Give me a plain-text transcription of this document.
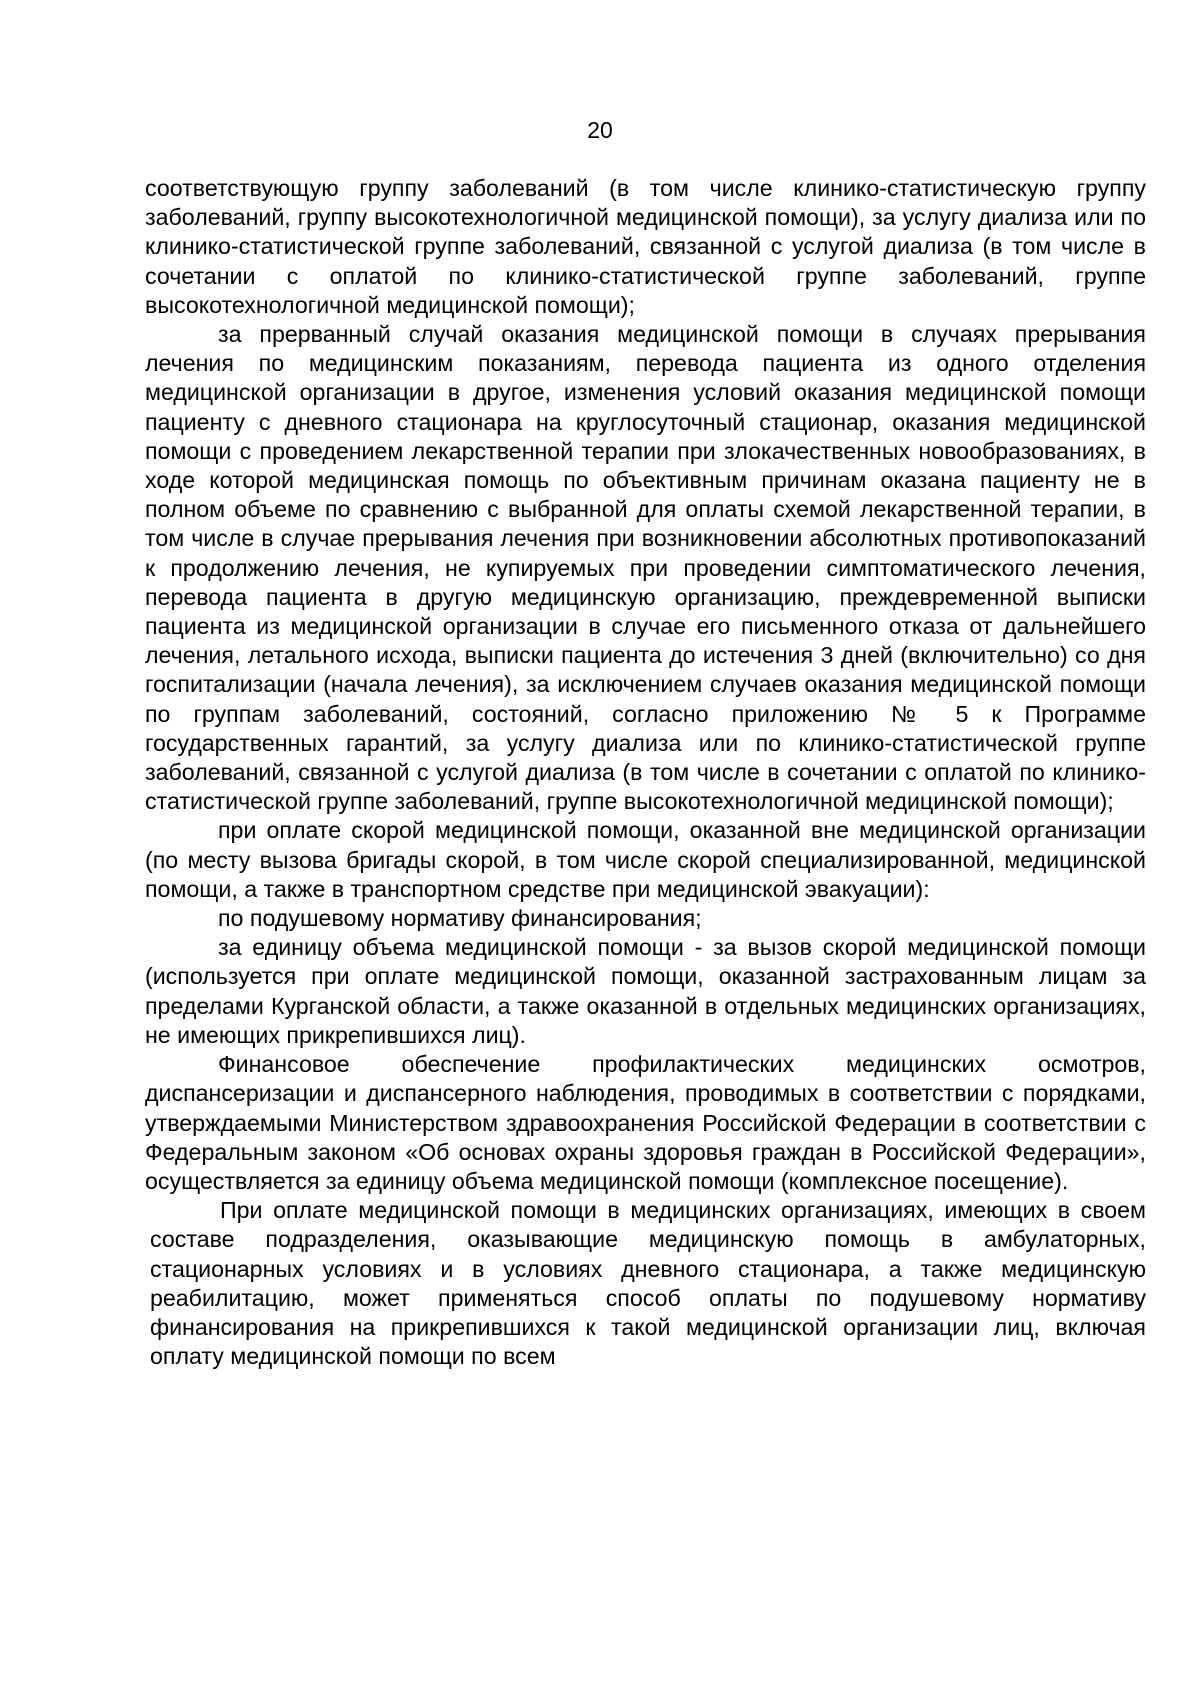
20

соответствующую группу заболеваний (в том числе клинико-статистическую группу заболеваний, группу высокотехнологичной медицинской помощи), за услугу диализа или по клинико-статистической группе заболеваний, связанной с услугой диализа (в том числе в сочетании с оплатой по клинико-статистической группе заболеваний, группе высокотехнологичной медицинской помощи);

за прерванный случай оказания медицинской помощи в случаях прерывания лечения по медицинским показаниям, перевода пациента из одного отделения медицинской организации в другое, изменения условий оказания медицинской помощи пациенту с дневного стационара на круглосуточный стационар, оказания медицинской помощи с проведением лекарственной терапии при злокачественных новообразованиях, в ходе которой медицинская помощь по объективным причинам оказана пациенту не в полном объеме по сравнению с выбранной для оплаты схемой лекарственной терапии, в том числе в случае прерывания лечения при возникновении абсолютных противопоказаний к продолжению лечения, не купируемых при проведении симптоматического лечения, перевода пациента в другую медицинскую организацию, преждевременной выписки пациента из медицинской организации в случае его письменного отказа от дальнейшего лечения, летального исхода, выписки пациента до истечения 3 дней (включительно) со дня госпитализации (начала лечения), за исключением случаев оказания медицинской помощи по группам заболеваний, состояний, согласно приложению № 5 к Программе государственных гарантий, за услугу диализа или по клинико-статистической группе заболеваний, связанной с услугой диализа (в том числе в сочетании с оплатой по клинико-статистической группе заболеваний, группе высокотехнологичной медицинской помощи);

при оплате скорой медицинской помощи, оказанной вне медицинской организации (по месту вызова бригады скорой, в том числе скорой специализированной, медицинской помощи, а также в транспортном средстве при медицинской эвакуации):

по подушевому нормативу финансирования;

за единицу объема медицинской помощи - за вызов скорой медицинской помощи (используется при оплате медицинской помощи, оказанной застрахованным лицам за пределами Курганской области, а также оказанной в отдельных медицинских организациях, не имеющих прикрепившихся лиц).

Финансовое обеспечение профилактических медицинских осмотров, диспансеризации и диспансерного наблюдения, проводимых в соответствии с порядками, утверждаемыми Министерством здравоохранения Российской Федерации в соответствии с Федеральным законом «Об основах охраны здоровья граждан в Российской Федерации», осуществляется за единицу объема медицинской помощи (комплексное посещение).

При оплате медицинской помощи в медицинских организациях, имеющих в своем составе подразделения, оказывающие медицинскую помощь в амбулаторных, стационарных условиях и в условиях дневного стационара, а также медицинскую реабилитацию, может применяться способ оплаты по подушевому нормативу финансирования на прикрепившихся к такой медицинской организации лиц, включая оплату медицинской помощи по всем
